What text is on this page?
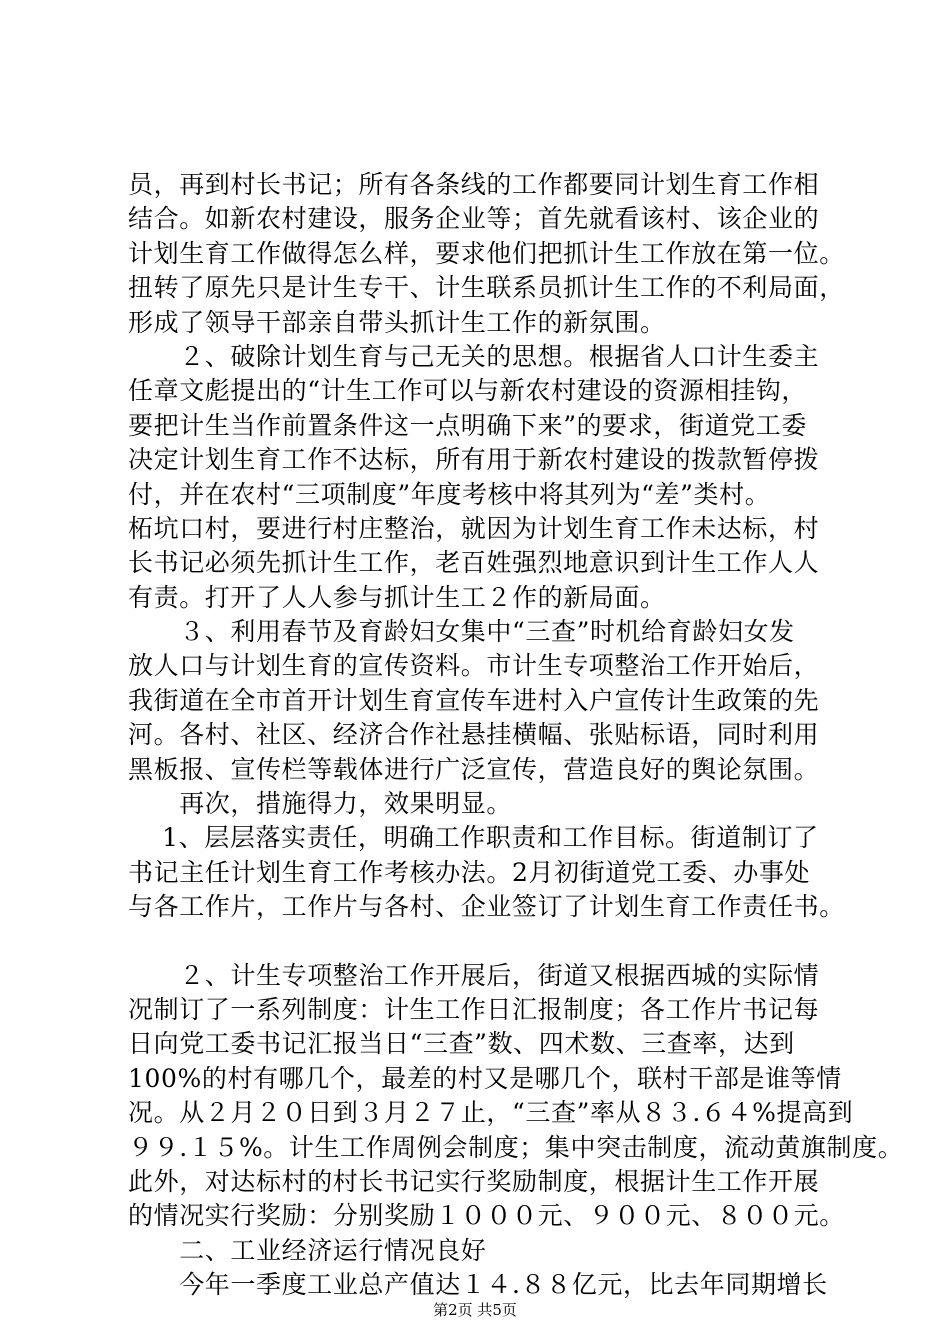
员，再到村长书记；所有各条线的工作都要同计划生育工作相
结合。如新农村建设，服务企业等；首先就看该村、该企业的
计划生育工作做得怎么样，要求他们把抓计生工作放在第一位。
扭转了原先只是计生专干、计生联系员抓计生工作的不利局面，
形成了领导干部亲自带头抓计生工作的新氛围。
　　２、破除计划生育与己无关的思想。根据省人口计生委主
任章文彪提出的“计生工作可以与新农村建设的资源相挂钩，
要把计生当作前置条件这一点明确下来”的要求，街道党工委
决定计划生育工作不达标，所有用于新农村建设的拨款暂停拨
付，并在农村“三项制度”年度考核中将其列为“差”类村。
柘坑口村，要进行村庄整治，就因为计划生育工作未达标，村
长书记必须先抓计生工作，老百姓强烈地意识到计生工作人人
有责。打开了人人参与抓计生工２作的新局面。
　　３、利用春节及育龄妇女集中“三查”时机给育龄妇女发
放人口与计划生育的宣传资料。市计生专项整治工作开始后，
我街道在全市首开计划生育宣传车进村入户宣传计生政策的先
河。各村、社区、经济合作社悬挂横幅、张贴标语，同时利用
黑板报、宣传栏等载体进行广泛宣传，营造良好的舆论氛围。
　　再次，措施得力，效果明显。
　 1、层层落实责任，明确工作职责和工作目标。街道制订了
书记主任计划生育工作考核办法。2月初街道党工委、办事处
与各工作片，工作片与各村、企业签订了计划生育工作责任书。
　　２、计生专项整治工作开展后，街道又根据西城的实际情
况制订了一系列制度：计生工作日汇报制度；各工作片书记每
日向党工委书记汇报当日“三查”数、四术数、三查率，达到
100%的村有哪几个，最差的村又是哪几个，联村干部是谁等情
况。从２月２０日到３月２７止，“三查”率从８３.６４%提高到
９９.１５%。计生工作周例会制度；集中突击制度，流动黄旗制度。
此外，对达标村的村长书记实行奖励制度，根据计生工作开展
的情况实行奖励：分别奖励１０００元、９００元、８００元。
　　二、工业经济运行情况良好
　　今年一季度工业总产值达１４.８８亿元，比去年同期增长
第2页 共5页
